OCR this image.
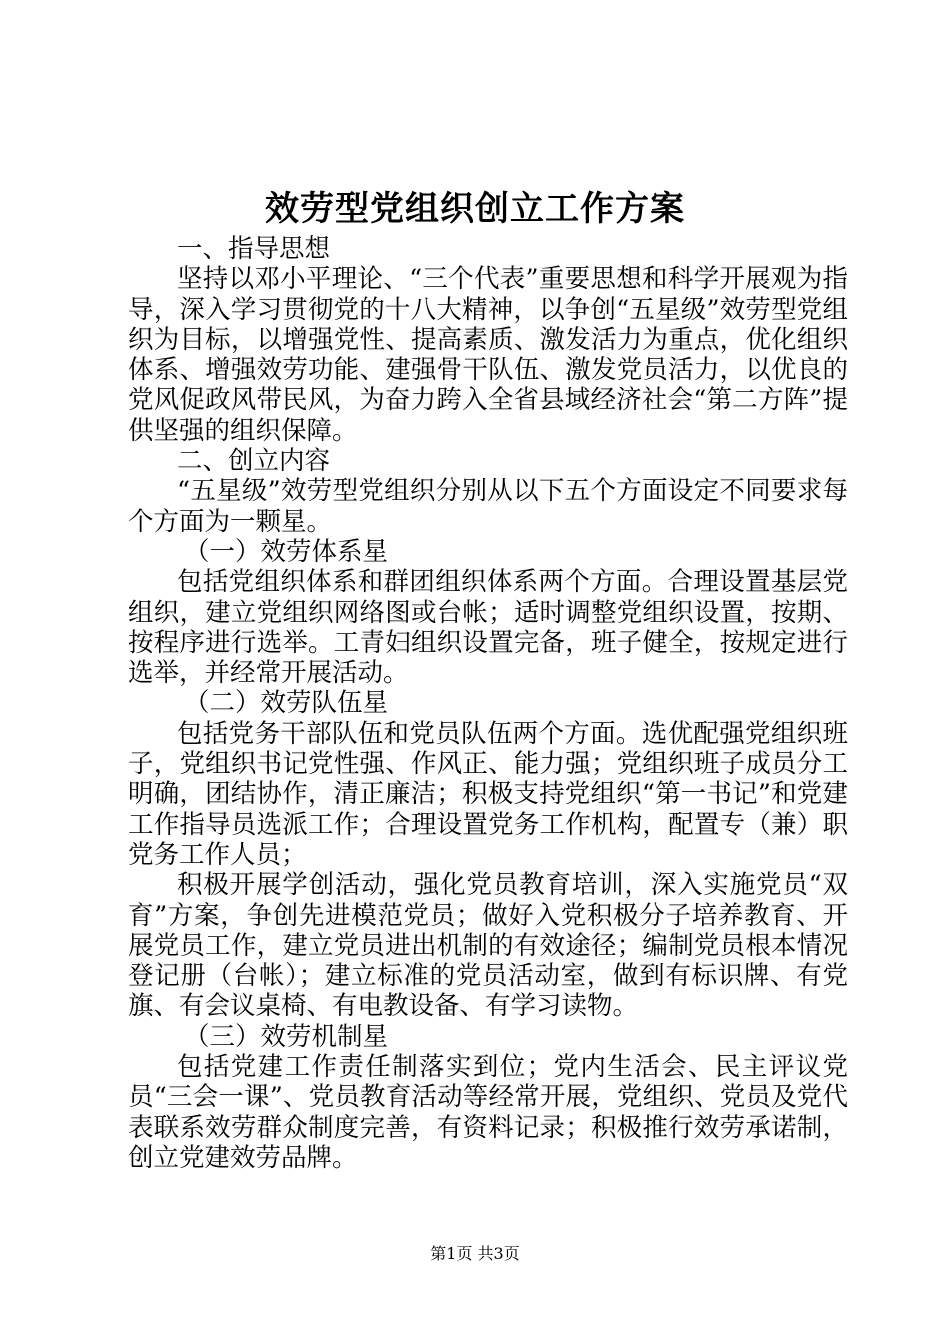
效劳型党组织创立工作方案

一、指导思想

坚持以邓小平理论、“三个代表”重要思想和科学开展观为指导，深入学习贯彻党的十八大精神，以争创“五星级”效劳型党组织为目标，以增强党性、提高素质、激发活力为重点，优化组织体系、增强效劳功能、建强骨干队伍、激发党员活力，以优良的党风促政风带民风，为奋力跨入全省县域经济社会“第二方阵”提供坚强的组织保障。

二、创立内容

“五星级”效劳型党组织分别从以下五个方面设定不同要求每个方面为一颗星。

（一）效劳体系星

包括党组织体系和群团组织体系两个方面。合理设置基层党组织，建立党组织网络图或台帐；适时调整党组织设置，按期、按程序进行选举。工青妇组织设置完备，班子健全，按规定进行选举，并经常开展活动。

（二）效劳队伍星

包括党务干部队伍和党员队伍两个方面。选优配强党组织班子，党组织书记党性强、作风正、能力强；党组织班子成员分工明确，团结协作，清正廉洁；积极支持党组织“第一书记”和党建工作指导员选派工作；合理设置党务工作机构，配置专（兼）职党务工作人员；

积极开展学创活动，强化党员教育培训，深入实施党员“双育”方案，争创先进模范党员；做好入党积极分子培养教育、开展党员工作，建立党员进出机制的有效途径；编制党员根本情况登记册（台帐）；建立标准的党员活动室，做到有标识牌、有党旗、有会议桌椅、有电教设备、有学习读物。

（三）效劳机制星

包括党建工作责任制落实到位；党内生活会、民主评议党员“三会一课”、党员教育活动等经常开展，党组织、党员及党代表联系效劳群众制度完善，有资料记录；积极推行效劳承诺制，创立党建效劳品牌。

第1页 共3页
